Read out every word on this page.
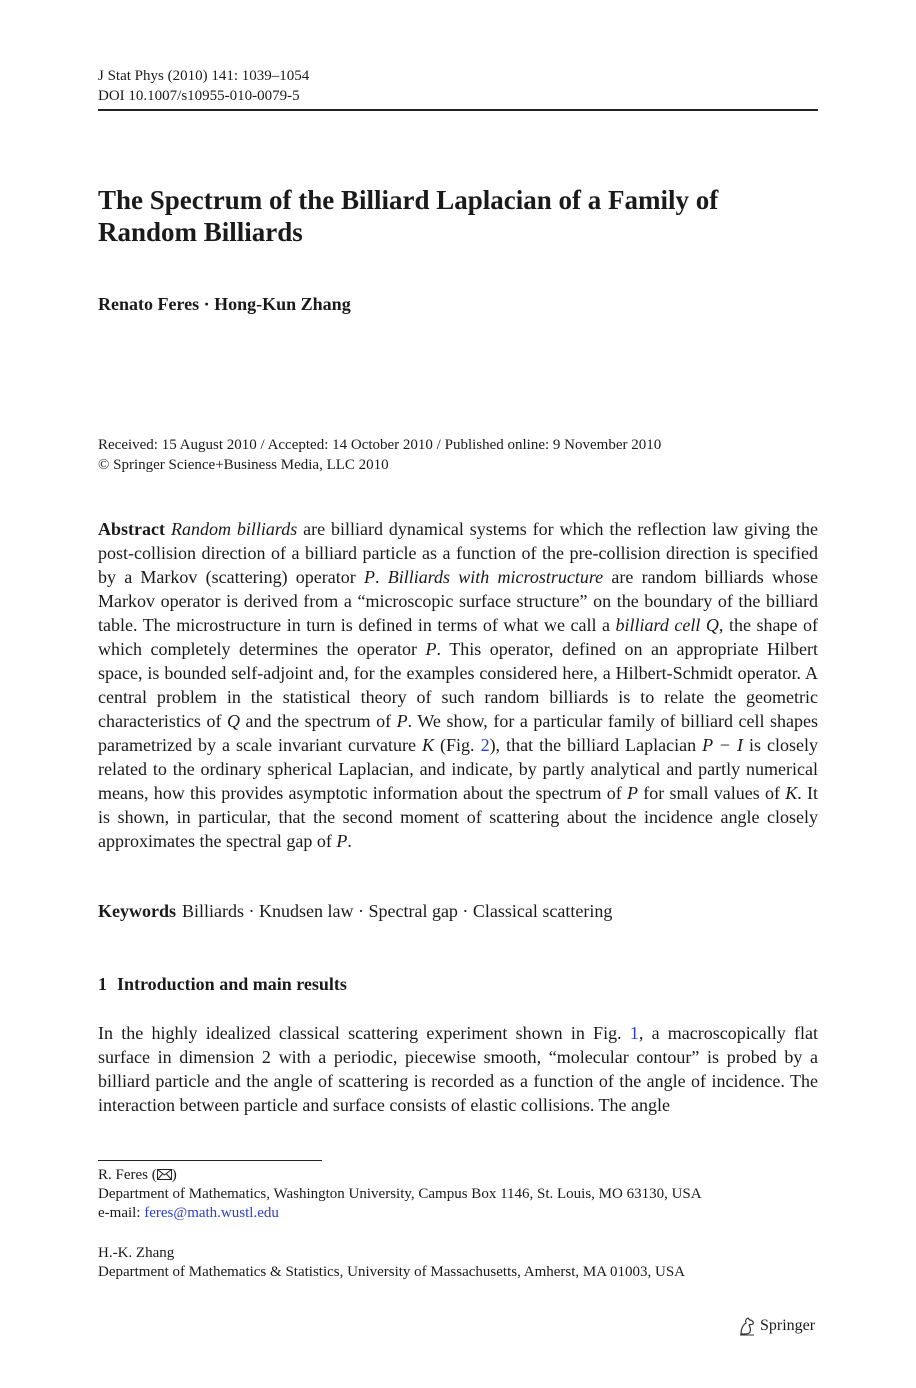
J Stat Phys (2010) 141: 1039–1054
DOI 10.1007/s10955-010-0079-5
The Spectrum of the Billiard Laplacian of a Family of Random Billiards
Renato Feres · Hong-Kun Zhang
Received: 15 August 2010 / Accepted: 14 October 2010 / Published online: 9 November 2010
© Springer Science+Business Media, LLC 2010
Abstract Random billiards are billiard dynamical systems for which the reflection law giving the post-collision direction of a billiard particle as a function of the pre-collision direction is specified by a Markov (scattering) operator P. Billiards with microstructure are random billiards whose Markov operator is derived from a “microscopic surface structure” on the boundary of the billiard table. The microstructure in turn is defined in terms of what we call a billiard cell Q, the shape of which completely determines the operator P. This operator, defined on an appropriate Hilbert space, is bounded self-adjoint and, for the examples considered here, a Hilbert-Schmidt operator. A central problem in the statistical theory of such random billiards is to relate the geometric characteristics of Q and the spectrum of P. We show, for a particular family of billiard cell shapes parametrized by a scale invariant curvature K (Fig. 2), that the billiard Laplacian P − I is closely related to the ordinary spherical Laplacian, and indicate, by partly analytical and partly numerical means, how this provides asymptotic information about the spectrum of P for small values of K. It is shown, in particular, that the second moment of scattering about the incidence angle closely approximates the spectral gap of P.
Keywords Billiards · Knudsen law · Spectral gap · Classical scattering
1 Introduction and main results
In the highly idealized classical scattering experiment shown in Fig. 1, a macroscopically flat surface in dimension 2 with a periodic, piecewise smooth, “molecular contour” is probed by a billiard particle and the angle of scattering is recorded as a function of the angle of incidence. The interaction between particle and surface consists of elastic collisions. The angle
R. Feres ( )
Department of Mathematics, Washington University, Campus Box 1146, St. Louis, MO 63130, USA
e-mail: feres@math.wustl.edu
H.-K. Zhang
Department of Mathematics & Statistics, University of Massachusetts, Amherst, MA 01003, USA
Springer
